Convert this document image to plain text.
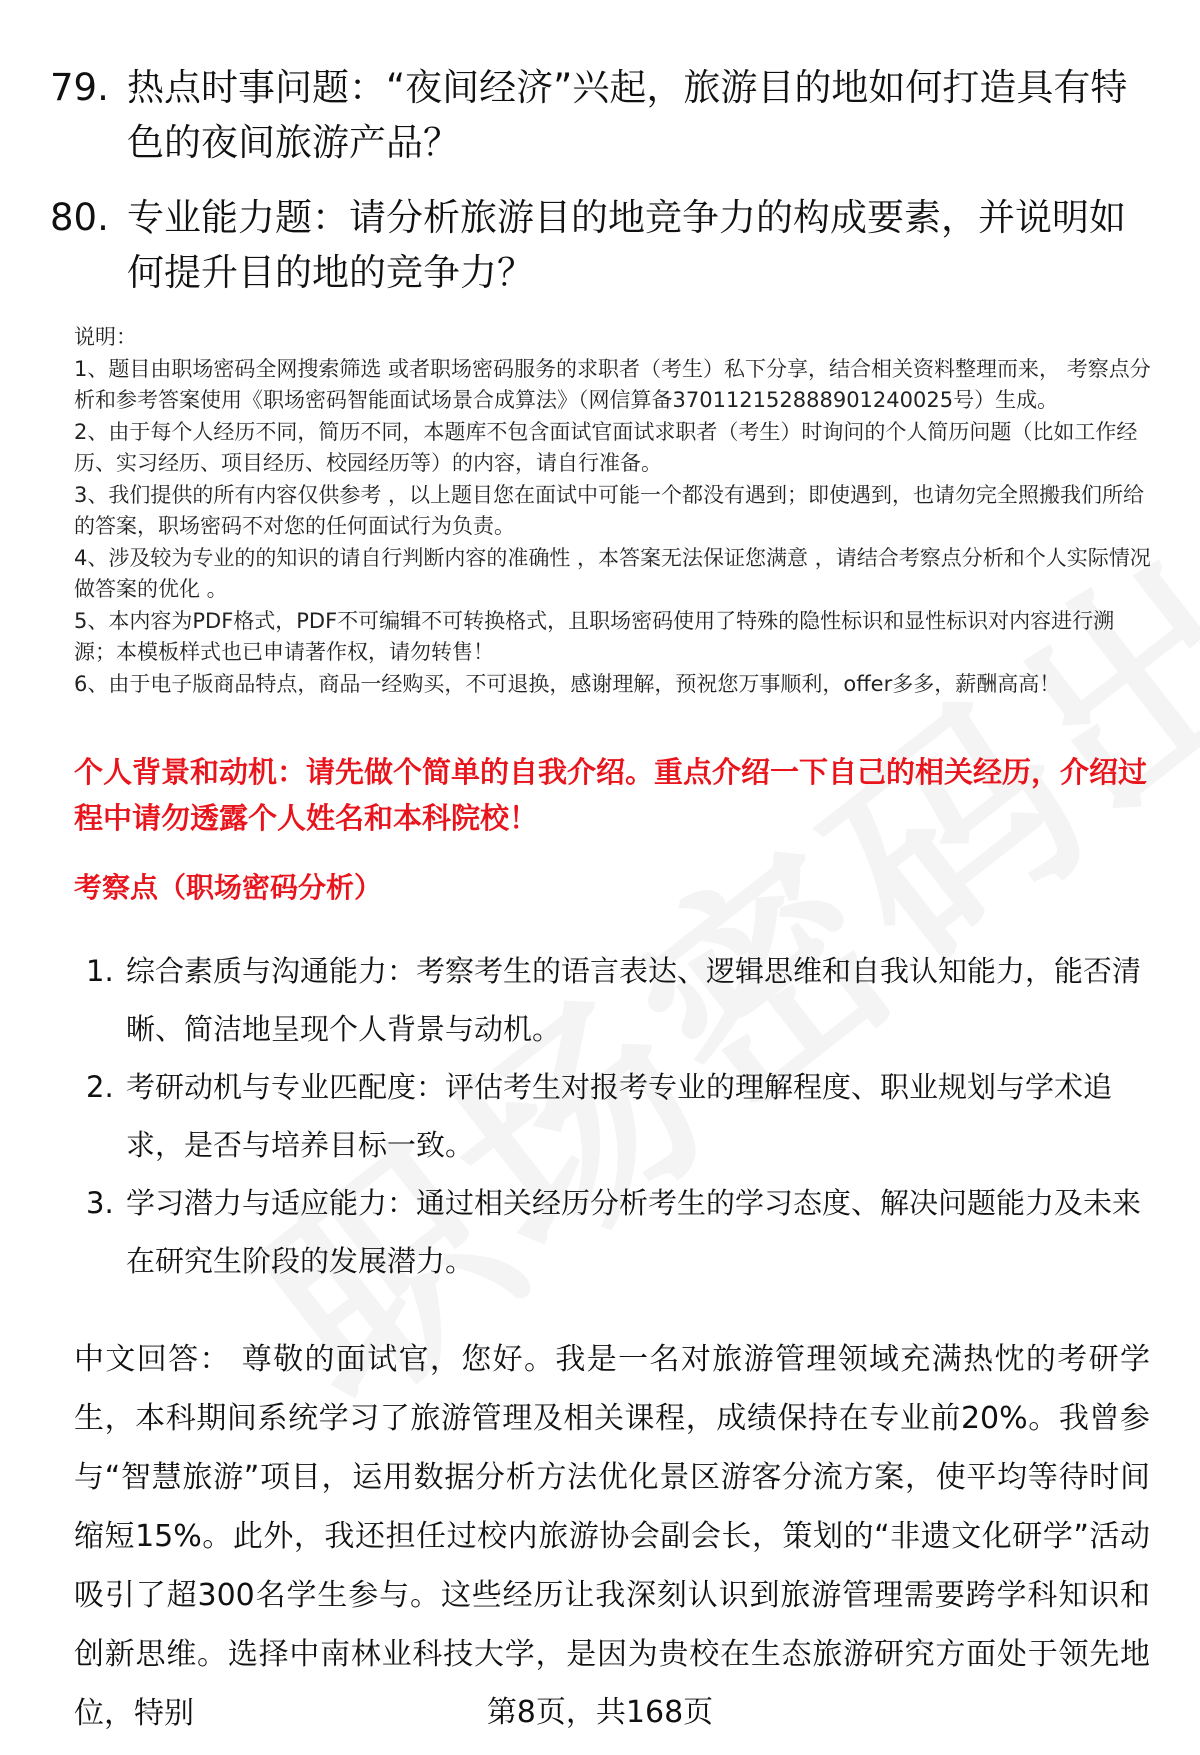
79. 热点时事问题：“夜间经济”兴起，旅游目的地如何打造具有特色的夜间旅游产品？
80. 专业能力题：请分析旅游目的地竞争力的构成要素，并说明如何提升目的地的竞争力？

说明：

1、题目由职场密码全网搜索筛选 或者职场密码服务的求职者（考生）私下分享，结合相关资料整理而来， 考察点分析和参考答案使用《职场密码智能面试场景合成算法》（网信算备370112152888901240025号）生成。

2、由于每个人经历不同，简历不同，本题库不包含面试官面试求职者（考生）时询问的个人简历问题（比如工作经历、实习经历、项目经历、校园经历等）的内容，请自行准备。

3、我们提供的所有内容仅供参考 ，以上题目您在面试中可能一个都没有遇到；即使遇到，也请勿完全照搬我们所给的答案，职场密码不对您的任何面试行为负责。

4、涉及较为专业的的知识的请自行判断内容的准确性 ，本答案无法保证您满意 ，请结合考察点分析和个人实际情况做答案的优化 。

5、本内容为PDF格式，PDF不可编辑不可转换格式，且职场密码使用了特殊的隐性标识和显性标识对内容进行溯源；本模板样式也已申请著作权，请勿转售！

6、由于电子版商品特点，商品一经购买，不可退换，感谢理解，预祝您万事顺利，offer多多，薪酬高高！

个人背景和动机：请先做个简单的自我介绍。重点介绍一下自己的相关经历，介绍过程中请勿透露个人姓名和本科院校！
考察点（职场密码分析）
1. 综合素质与沟通能力：考察考生的语言表达、逻辑思维和自我认知能力，能否清晰、简洁地呈现个人背景与动机。
2. 考研动机与专业匹配度：评估考生对报考专业的理解程度、职业规划与学术追求，是否与培养目标一致。
3. 学习潜力与适应能力：通过相关经历分析考生的学习态度、解决问题能力及未来在研究生阶段的发展潜力。
中文回答： 尊敬的面试官，您好。我是一名对旅游管理领域充满热忱的考研学生，本科期间系统学习了旅游管理及相关课程，成绩保持在专业前20%。我曾参与“智慧旅游”项目，运用数据分析方法优化景区游客分流方案，使平均等待时间缩短15%。此外，我还担任过校内旅游协会副会长，策划的“非遗文化研学”活动吸引了超300名学生参与。这些经历让我深刻认识到旅游管理需要跨学科知识和创新思维。选择中南林业科技大学，是因为贵校在生态旅游研究方面处于领先地位，特别	第8页，共168页
